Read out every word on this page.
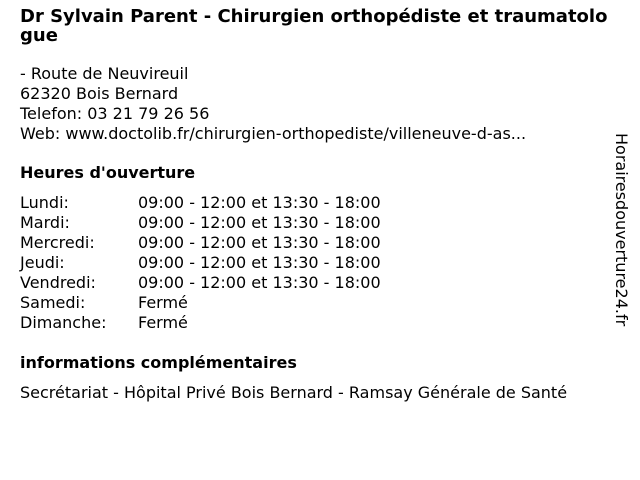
Dr Sylvain Parent - Chirurgien orthopédiste et traumatologue
- Route de Neuvireuil
62320 Bois Bernard
Telefon: 03 21 79 26 56
Web: www.doctolib.fr/chirurgien-orthopediste/villeneuve-d-as...
Heures d'ouverture
Lundi:	09:00 - 12:00 et 13:30 - 18:00
Mardi:	09:00 - 12:00 et 13:30 - 18:00
Mercredi:	09:00 - 12:00 et 13:30 - 18:00
Jeudi:	09:00 - 12:00 et 13:30 - 18:00
Vendredi:	09:00 - 12:00 et 13:30 - 18:00
Samedi:	Fermé
Dimanche: Fermé
informations complémentaires
Secrétariat - Hôpital Privé Bois Bernard - Ramsay Générale de Santé
Horairesdouverture24.fr
